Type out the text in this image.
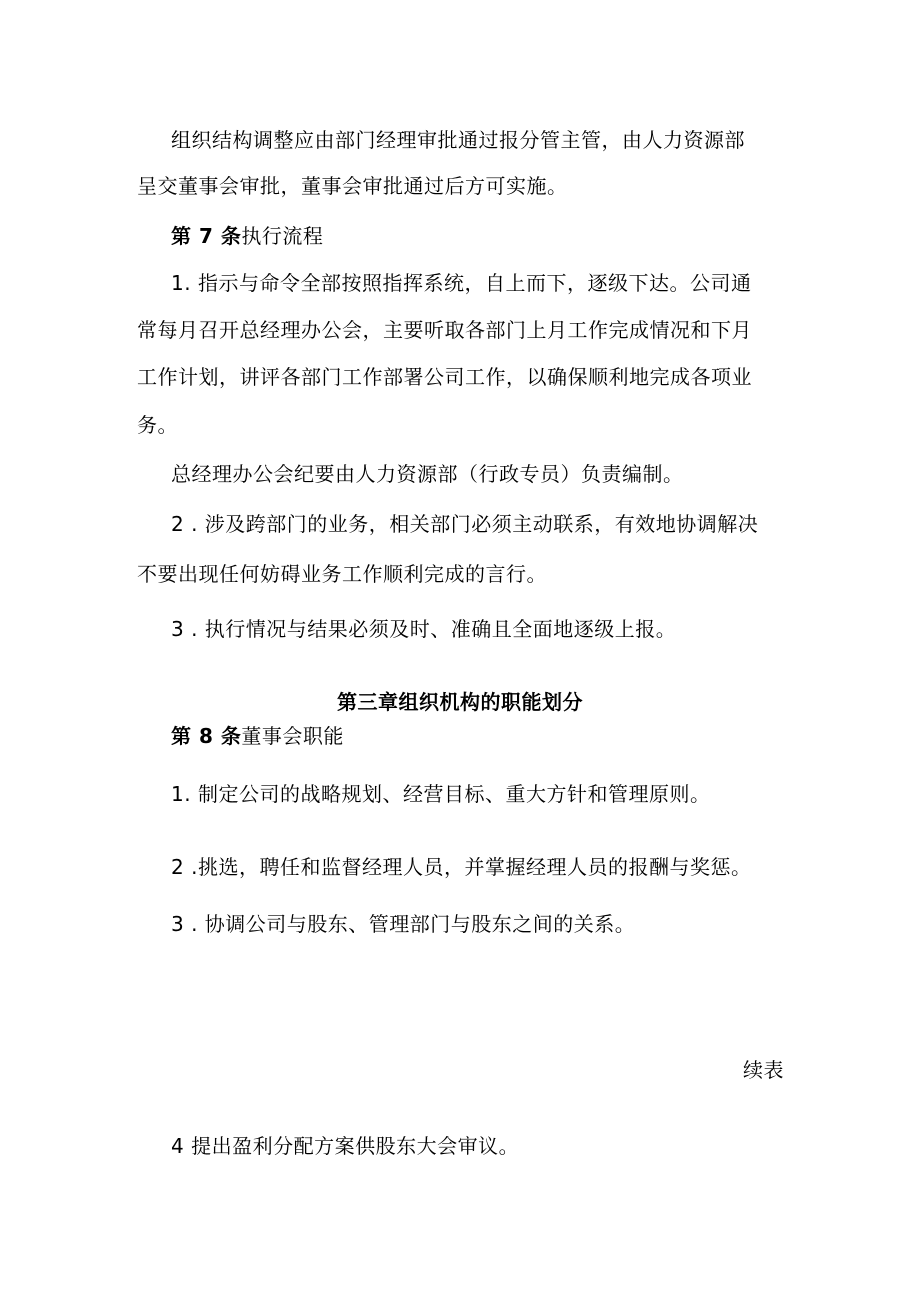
组织结构调整应由部门经理审批通过报分管主管，由人力资源部
呈交董事会审批，董事会审批通过后方可实施。
第 7 条执行流程
1. 指示与命令全部按照指挥系统，自上而下，逐级下达。公司通
常每月召开总经理办公会，主要听取各部门上月工作完成情况和下月
工作计划，讲评各部门工作部署公司工作，以确保顺利地完成各项业
务。
总经理办公会纪要由人力资源部（行政专员）负责编制。
2 . 涉及跨部门的业务，相关部门必须主动联系，有效地协调解决
不要出现任何妨碍业务工作顺利完成的言行。
3 . 执行情况与结果必须及时、准确且全面地逐级上报。
第三章组织机构的职能划分
第 8 条董事会职能
1. 制定公司的战略规划、经营目标、重大方针和管理原则。
2 .挑选，聘任和监督经理人员，并掌握经理人员的报酬与奖惩。
3 . 协调公司与股东、管理部门与股东之间的关系。
续表
4 提出盈利分配方案供股东大会审议。
